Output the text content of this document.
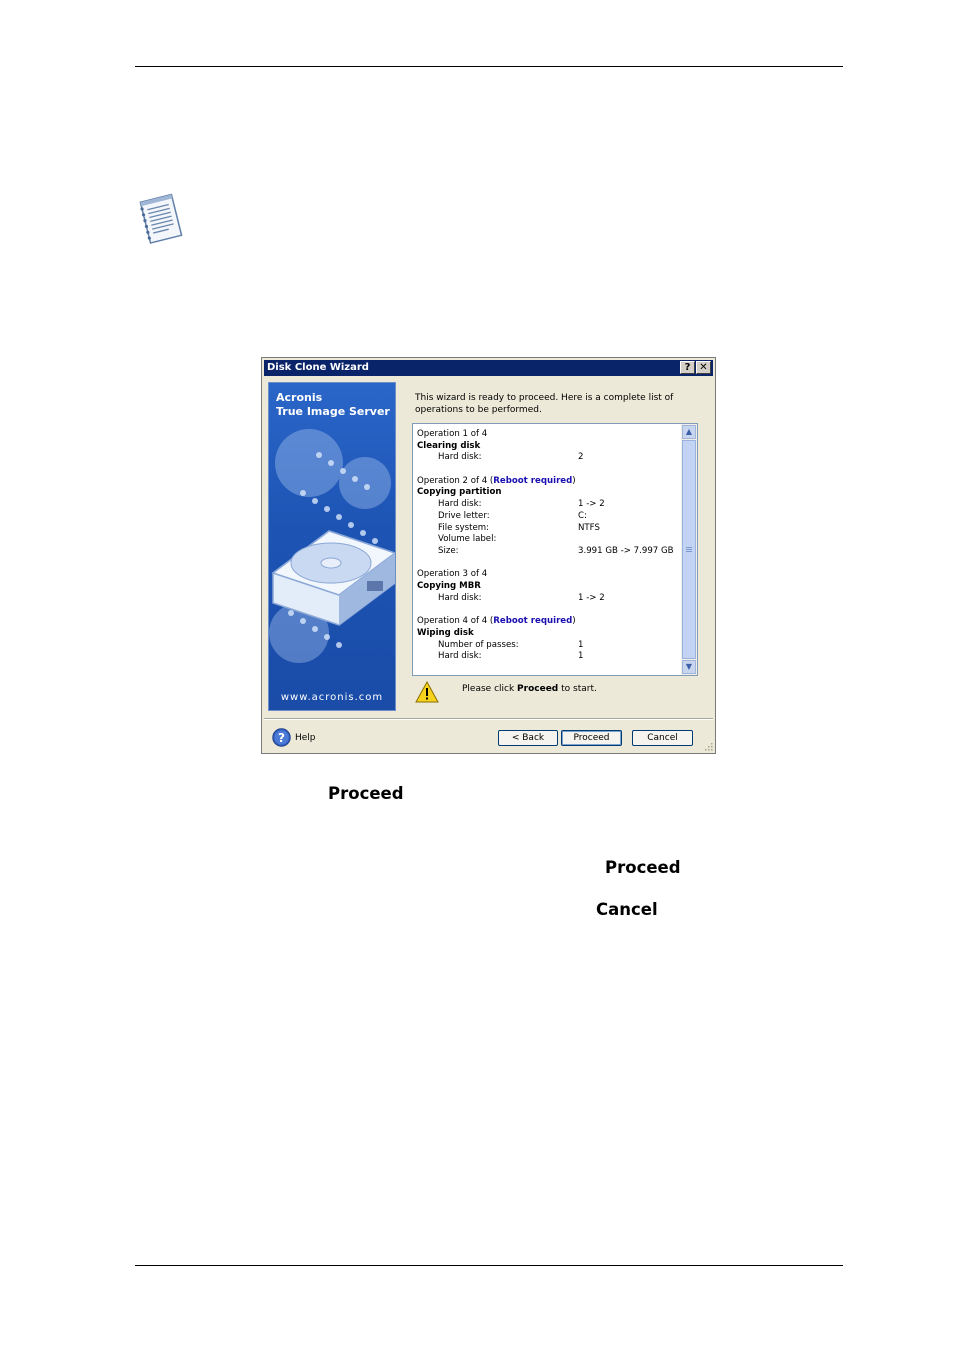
Disk Clone Wizard	? ✕
Acronis
True Image Server
www.acronis.com
This wizard is ready to proceed. Here is a complete list of operations to be performed.
Operation 1 of 4
Clearing disk
Hard disk:	2
Operation 2 of 4 (Reboot required)
Copying partition
Hard disk:	1 -> 2
Drive letter:	C:
File system:	NTFS
Volume label:
Size:	3.991 GB -> 7.997 GB
Operation 3 of 4
Copying MBR
Hard disk:	1 -> 2
Operation 4 of 4 (Reboot required)
Wiping disk
Number of passes:	1
Hard disk:	1
▲
▼
Please click Proceed to start.
? Help	< Back	Proceed	Cancel
Proceed
Proceed
Cancel
